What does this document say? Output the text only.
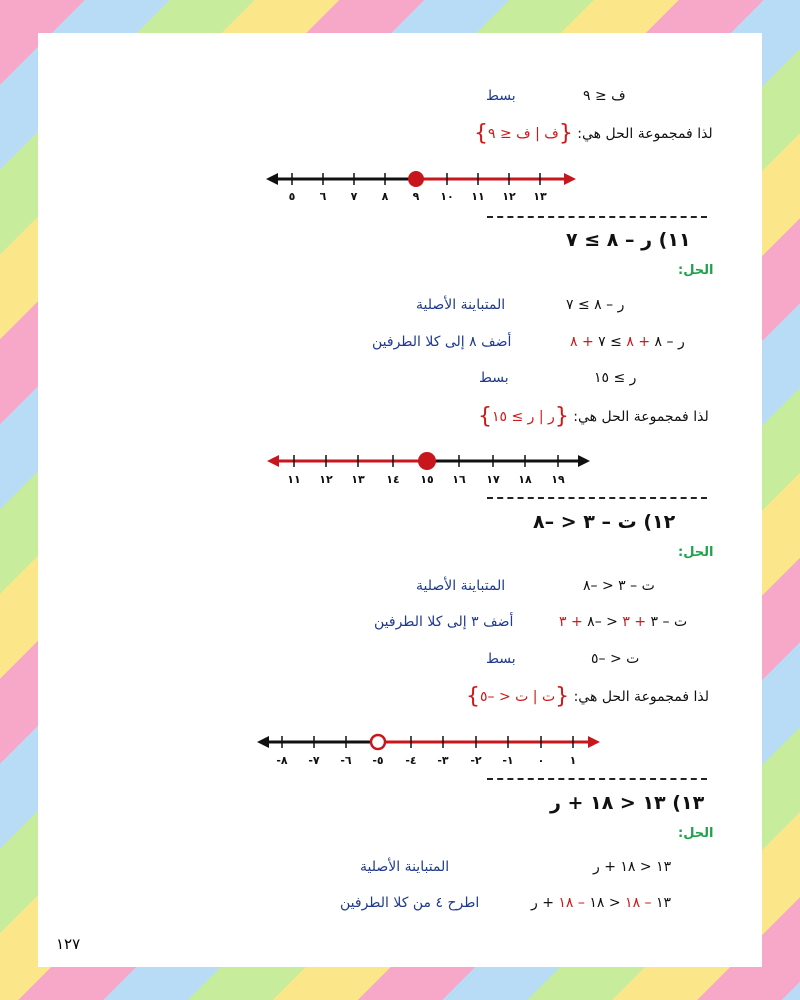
ف ≤ ٩
بسط
لذا فمجموعة الحل هي: {ف | ف ≤ ٩}
٥ ٦ ٧ ٨ ٩ ١٠ ١١ ١٢ ١٣
١١ ١٢ ١٣ ١٤ ١٥ ١٦ ١٧ ١٨ ١٩
-٨ -٧ -٦ -٥ -٤ -٣ -٢ -١ ٠ ١
١١) ر – ٨ ≥ ٧
الحل:
ر – ٨ ≥ ٧
المتباينة الأصلية
ر – ٨ + ٨ ≥ ٧ + ٨
أضف ٨ إلى كلا الطرفين
ر ≥ ١٥
بسط
لذا فمجموعة الحل هي: {ر | ر ≥ ١٥}
١٢) ت – ٣ < –٨
الحل:
ت – ٣ < –٨
المتباينة الأصلية
ت – ٣ + ٣ < –٨ + ٣
أضف ٣ إلى كلا الطرفين
ت < –٥
بسط
لذا فمجموعة الحل هي: {ت | ت < –٥}
١٣) ١٣ < ١٨ + ر
الحل:
١٣ < ١٨ + ر
المتباينة الأصلية
١٣ – ١٨ < ١٨ – ١٨ + ر
اطرح ٤ من كلا الطرفين
١٢٧
